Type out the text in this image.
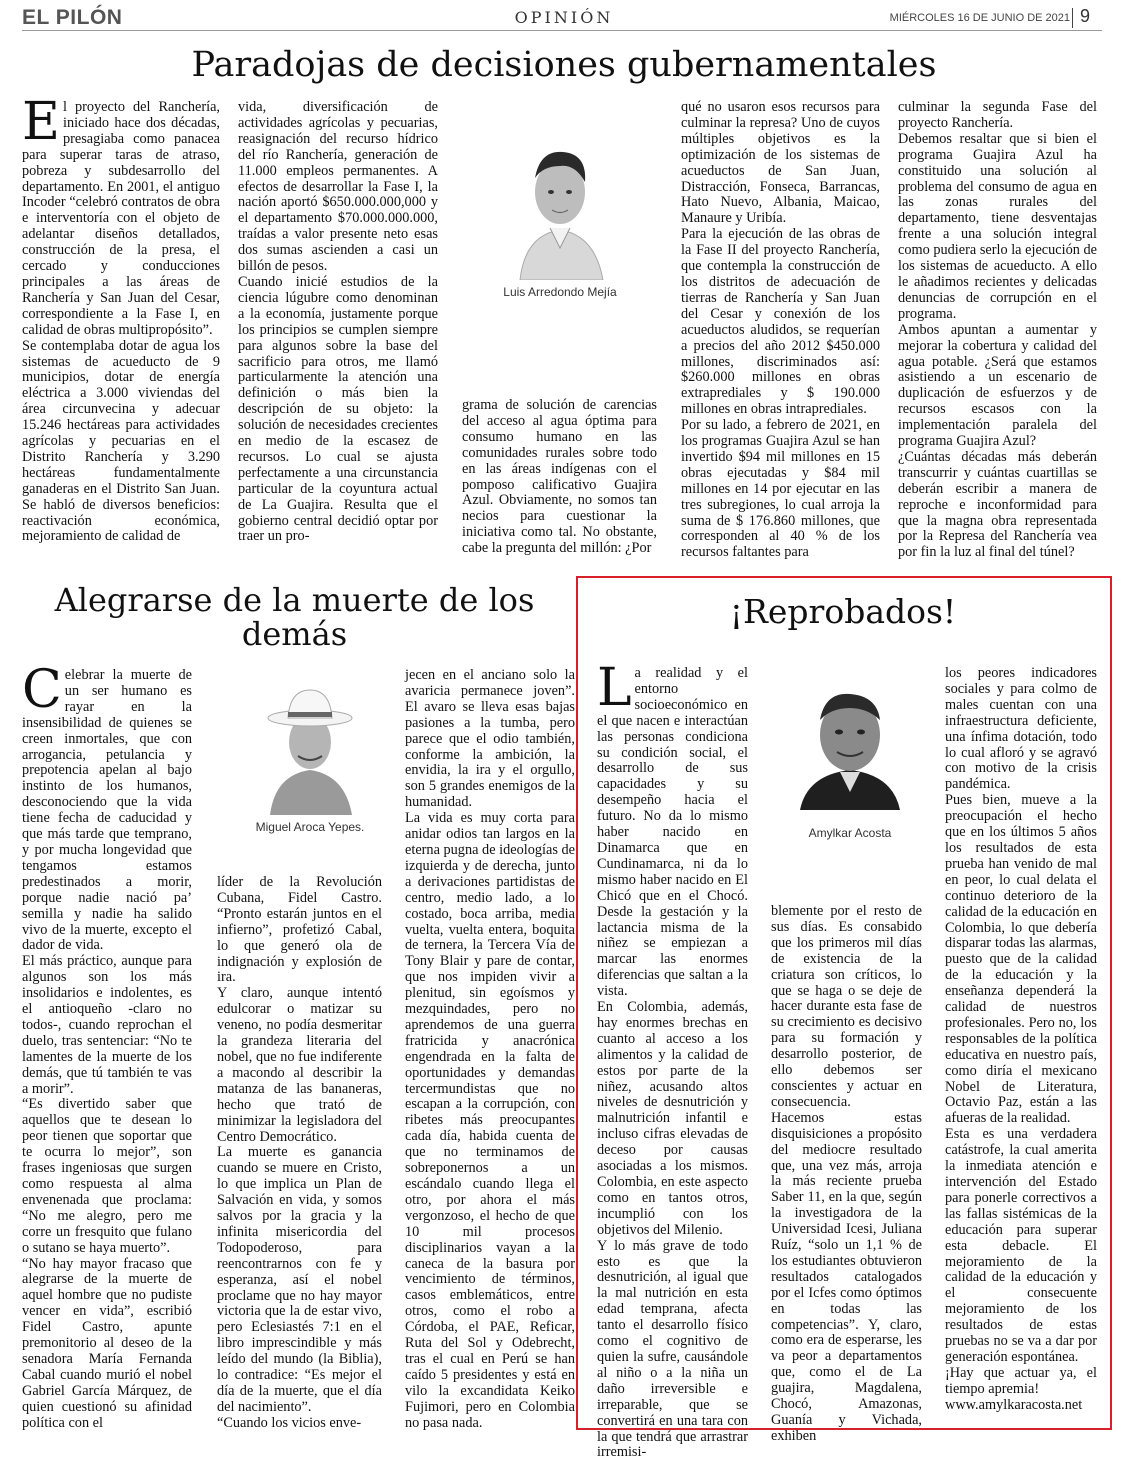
EL PILÓN	OPINIÓN	MIÉRCOLES 16 DE JUNIO DE 2021 9
Paradojas de decisiones gubernamentales
E l proyecto del Ranchería, iniciado hace dos décadas, presagiaba como panacea para superar taras de atraso, pobreza y subdesarrollo del departamento. En 2001, el antiguo Incoder “celebró contratos de obra e interventoría con el objeto de adelantar diseños detallados, construcción de la presa, el cercado y conducciones principales a las áreas de Ranchería y San Juan del Cesar, correspondiente a la Fase I, en calidad de obras multipropósito”.
Se contemplaba dotar de agua los sistemas de acueducto de 9 municipios, dotar de energía eléctrica a 3.000 viviendas del área circunvecina y adecuar 15.246 hectáreas para actividades agrícolas y pecuarias en el Distrito Ranchería y 3.290 hectáreas fundamentalmente ganaderas en el Distrito San Juan. Se habló de diversos beneficios: reactivación económica, mejoramiento de calidad de
vida, diversificación de actividades agrícolas y pecuarias, reasignación del recurso hídrico del río Ranchería, generación de 11.000 empleos permanentes. A efectos de desarrollar la Fase I, la nación aportó $650.000.000,000 y el departamento $70.000.000.000, traídas a valor presente neto esas dos sumas ascienden a casi un billón de pesos.
Cuando inicié estudios de la ciencia lúgubre como denominan a la economía, justamente porque los principios se cumplen siempre para algunos sobre la base del sacrificio para otros, me llamó particularmente la atención una definición o más bien la descripción de su objeto: la solución de necesidades crecientes en medio de la escasez de recursos. Lo cual se ajusta perfectamente a una circunstancia particular de la coyuntura actual de La Guajira. Resulta que el gobierno central decidió optar por traer un pro-
Luis Arredondo Mejía
grama de solución de carencias del acceso al agua óptima para consumo humano en las comunidades rurales sobre todo en las áreas indígenas con el pomposo calificativo Guajira Azul. Obviamente, no somos tan necios para cuestionar la iniciativa como tal. No obstante, cabe la pregunta del millón: ¿Por
qué no usaron esos recursos para culminar la represa? Uno de cuyos múltiples objetivos es la optimización de los sistemas de acueductos de San Juan, Distracción, Fonseca, Barrancas, Hato Nuevo, Albania, Maicao, Manaure y Uribía.
Para la ejecución de las obras de la Fase II del proyecto Ranchería, que contempla la construcción de los distritos de adecuación de tierras de Ranchería y San Juan del Cesar y conexión de los acueductos aludidos, se requerían a precios del año 2012 $450.000 millones, discriminados así: $260.000 millones en obras extraprediales y $ 190.000 millones en obras intraprediales.
Por su lado, a febrero de 2021, en los programas Guajira Azul se han invertido $94 mil millones en 15 obras ejecutadas y $84 mil millones en 14 por ejecutar en las tres subregiones, lo cual arroja la suma de $ 176.860 millones, que corresponden al 40 % de los recursos faltantes para
culminar la segunda Fase del proyecto Ranchería.
Debemos resaltar que si bien el programa Guajira Azul ha constituido una solución al problema del consumo de agua en las zonas rurales del departamento, tiene desventajas frente a una solución integral como pudiera serlo la ejecución de los sistemas de acueducto. A ello le añadimos recientes y delicadas denuncias de corrupción en el programa.
Ambos apuntan a aumentar y mejorar la cobertura y calidad del agua potable. ¿Será que estamos asistiendo a un escenario de duplicación de esfuerzos y de recursos escasos con la implementación paralela del programa Guajira Azul?
¿Cuántas décadas más deberán transcurrir y cuántas cuartillas se deberán escribir a manera de reproche e inconformidad para que la magna obra representada por la Represa del Ranchería vea por fin la luz al final del túnel?
Alegrarse de la muerte de los demás
C elebrar la muerte de un ser humano es rayar en la insensibilidad de quienes se creen inmortales, que con arrogancia, petulancia y prepotencia apelan al bajo instinto de los humanos, desconociendo que la vida tiene fecha de caducidad y que más tarde que temprano, y por mucha longevidad que tengamos estamos predestinados a morir, porque nadie nació pa’ semilla y nadie ha salido vivo de la muerte, excepto el dador de vida.
El más práctico, aunque para algunos son los más insolidarios e indolentes, es el antioqueño -claro no todos-, cuando reprochan el duelo, tras sentenciar: “No te lamentes de la muerte de los demás, que tú también te vas a morir”.
“Es divertido saber que aquellos que te desean lo peor tienen que soportar que te ocurra lo mejor”, son frases ingeniosas que surgen como respuesta al alma envenenada que proclama: “No me alegro, pero me corre un fresquito que fulano o sutano se haya muerto”.
“No hay mayor fracaso que alegrarse de la muerte de aquel hombre que no pudiste vencer en vida”, escribió Fidel Castro, apunte premonitorio al deseo de la senadora María Fernanda Cabal cuando murió el nobel Gabriel García Márquez, de quien cuestionó su afinidad política con el
Miguel Aroca Yepes.
líder de la Revolución Cubana, Fidel Castro. “Pronto estarán juntos en el infierno”, profetizó Cabal, lo que generó ola de indignación y explosión de ira.
Y claro, aunque intentó edulcorar o matizar su veneno, no podía desmeritar la grandeza literaria del nobel, que no fue indiferente a macondo al describir la matanza de las bananeras, hecho que trató de minimizar la legisladora del Centro Democrático.
La muerte es ganancia cuando se muere en Cristo, lo que implica un Plan de Salvación en vida, y somos salvos por la gracia y la infinita misericordia del Todopoderoso, para reencontrarnos con fe y esperanza, así el nobel proclame que no hay mayor victoria que la de estar vivo, pero Eclesiastés 7:1 en el libro imprescindible y más leído del mundo (la Biblia), lo contradice: “Es mejor el día de la muerte, que el día del nacimiento”.
“Cuando los vicios enve-
jecen en el anciano solo la avaricia permanece joven”. El avaro se lleva esas bajas pasiones a la tumba, pero parece que el odio también, conforme la ambición, la envidia, la ira y el orgullo, son 5 grandes enemigos de la humanidad.
La vida es muy corta para anidar odios tan largos en la eterna pugna de ideologías de izquierda y de derecha, junto a derivaciones partidistas de centro, medio lado, a lo costado, boca arriba, media vuelta, vuelta entera, boquita de ternera, la Tercera Vía de Tony Blair y pare de contar, que nos impiden vivir a plenitud, sin egoísmos y mezquindades, pero no aprendemos de una guerra fratricida y anacrónica engendrada en la falta de oportunidades y demandas tercermundistas que no escapan a la corrupción, con ribetes más preocupantes cada día, habida cuenta de que no terminamos de sobreponernos a un escándalo cuando llega el otro, por ahora el más vergonzoso, el hecho de que 10 mil procesos disciplinarios vayan a la caneca de la basura por vencimiento de términos, casos emblemáticos, entre otros, como el robo a Córdoba, el PAE, Reficar, Ruta del Sol y Odebrecht, tras el cual en Perú se han caído 5 presidentes y está en vilo la excandidata Keiko Fujimori, pero en Colombia no pasa nada.
¡Reprobados!
L a realidad y el entorno socioeconómico en el que nacen e interactúan las personas condiciona su condición social, el desarrollo de sus capacidades y su desempeño hacia el futuro. No da lo mismo haber nacido en Dinamarca que en Cundinamarca, ni da lo mismo haber nacido en El Chicó que en el Chocó. Desde la gestación y la lactancia misma de la niñez se empiezan a marcar las enormes diferencias que saltan a la vista.
En Colombia, además, hay enormes brechas en cuanto al acceso a los alimentos y la calidad de estos por parte de la niñez, acusando altos niveles de desnutrición y malnutrición infantil e incluso cifras elevadas de deceso por causas asociadas a los mismos. Colombia, en este aspecto como en tantos otros, incumplió con los objetivos del Milenio.
Y lo más grave de todo esto es que la desnutrición, al igual que la mal nutrición en esta edad temprana, afecta tanto el desarrollo físico como el cognitivo de quien la sufre, causándole al niño o a la niña un daño irreversible e irreparable, que se convertirá en una tara con la que tendrá que arrastrar irremisi-
Amylkar Acosta
blemente por el resto de sus días. Es consabido que los primeros mil días de existencia de la criatura son críticos, lo que se haga o se deje de hacer durante esta fase de su crecimiento es decisivo para su formación y desarrollo posterior, de ello debemos ser conscientes y actuar en consecuencia.
Hacemos estas disquisiciones a propósito del mediocre resultado que, una vez más, arroja la más reciente prueba Saber 11, en la que, según la investigadora de la Universidad Icesi, Juliana Ruíz, “solo un 1,1 % de los estudiantes obtuvieron resultados catalogados por el Icfes como óptimos en todas las competencias”. Y, claro, como era de esperarse, les va peor a departamentos que, como el de La guajira, Magdalena, Chocó, Amazonas, Guanía y Vichada, exhiben
los peores indicadores sociales y para colmo de males cuentan con una infraestructura deficiente, una ínfima dotación, todo lo cual afloró y se agravó con motivo de la crisis pandémica.
Pues bien, mueve a la preocupación el hecho que en los últimos 5 años los resultados de esta prueba han venido de mal en peor, lo cual delata el continuo deterioro de la calidad de la educación en Colombia, lo que debería disparar todas las alarmas, puesto que de la calidad de la educación y la enseñanza dependerá la calidad de nuestros profesionales. Pero no, los responsables de la política educativa en nuestro país, como diría el mexicano Nobel de Literatura, Octavio Paz, están a las afueras de la realidad.
Esta es una verdadera catástrofe, la cual amerita la inmediata atención e intervención del Estado para ponerle correctivos a las fallas sistémicas de la educación para superar esta debacle. El mejoramiento de la calidad de la educación y el consecuente mejoramiento de los resultados de estas pruebas no se va a dar por generación espontánea.
¡Hay que actuar ya, el tiempo apremia!
www.amylkaracosta.net
